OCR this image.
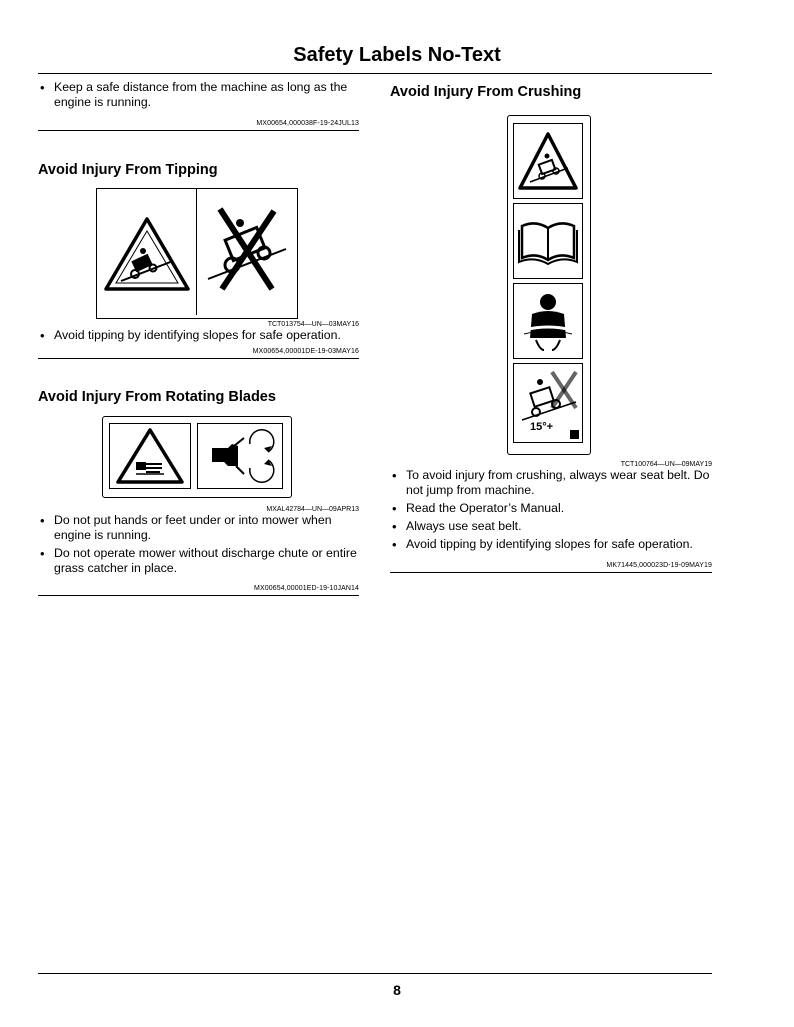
Safety Labels No-Text
• Keep a safe distance from the machine as long as the engine is running.
MX00654,000038F-19-24JUL13
Avoid Injury From Tipping
TCT013754—UN—03MAY16
• Avoid tipping by identifying slopes for safe operation.
MX00654,00001DE-19-03MAY16
Avoid Injury From Rotating Blades
MXAL42784—UN—09APR13
• Do not put hands or feet under or into mower when engine is running.
• Do not operate mower without discharge chute or entire grass catcher in place.
MX00654,00001ED-19-10JAN14
Avoid Injury From Crushing
15°+
TCT100764—UN—09MAY19
• To avoid injury from crushing, always wear seat belt. Do not jump from machine.
• Read the Operator’s Manual.
• Always use seat belt.
• Avoid tipping by identifying slopes for safe operation.
MK71445,000023D-19-09MAY19
8
